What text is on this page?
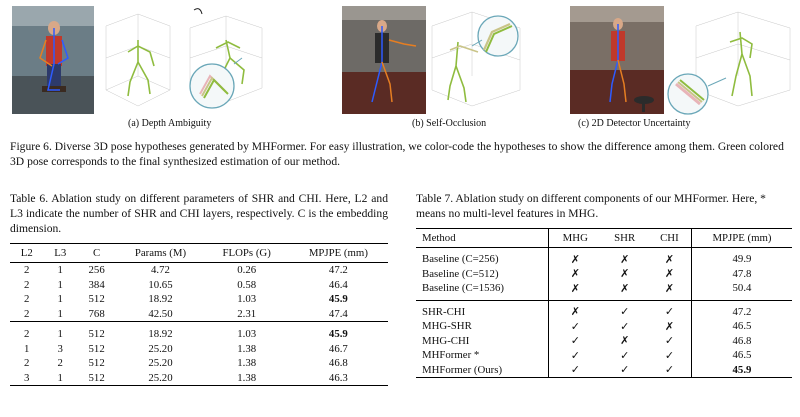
(a) Depth Ambiguity	(b) Self-Occlusion	(c) 2D Detector Uncertainty
Figure 6. Diverse 3D pose hypotheses generated by MHFormer. For easy illustration, we color-code the hypotheses to show the difference among them. Green colored 3D pose corresponds to the final synthesized estimation of our method.
Table 6. Ablation study on different parameters of SHR and CHI. Here, L2 and L3 indicate the number of SHR and CHI layers, respectively. C is the embedding dimension.
L2	L3	C	Params (M)	FLOPs (G)	MPJPE (mm)
2	1	256	4.72	0.26	47.2
2	1	384	10.65	0.58	46.4
2	1	512	18.92	1.03	45.9
2	1	768	42.50	2.31	47.4
2	1	512	18.92	1.03	45.9
1	3	512	25.20	1.38	46.7
2	2	512	25.20	1.38	46.8
3	1	512	25.20	1.38	46.3
Table 7. Ablation study on different components of our MHFormer. Here, * means no multi-level features in MHG.
Method	MHG	SHR	CHI	MPJPE (mm)
Baseline (C=256)	✗	✗	✗	49.9
Baseline (C=512)	✗	✗	✗	47.8
Baseline (C=1536)	✗	✗	✗	50.4
SHR-CHI	✗	✓	✓	47.2
MHG-SHR	✓	✓	✗	46.5
MHG-CHI	✓	✗	✓	46.8
MHFormer *	✓	✓	✓	46.5
MHFormer (Ours)	✓	✓	✓	45.9
